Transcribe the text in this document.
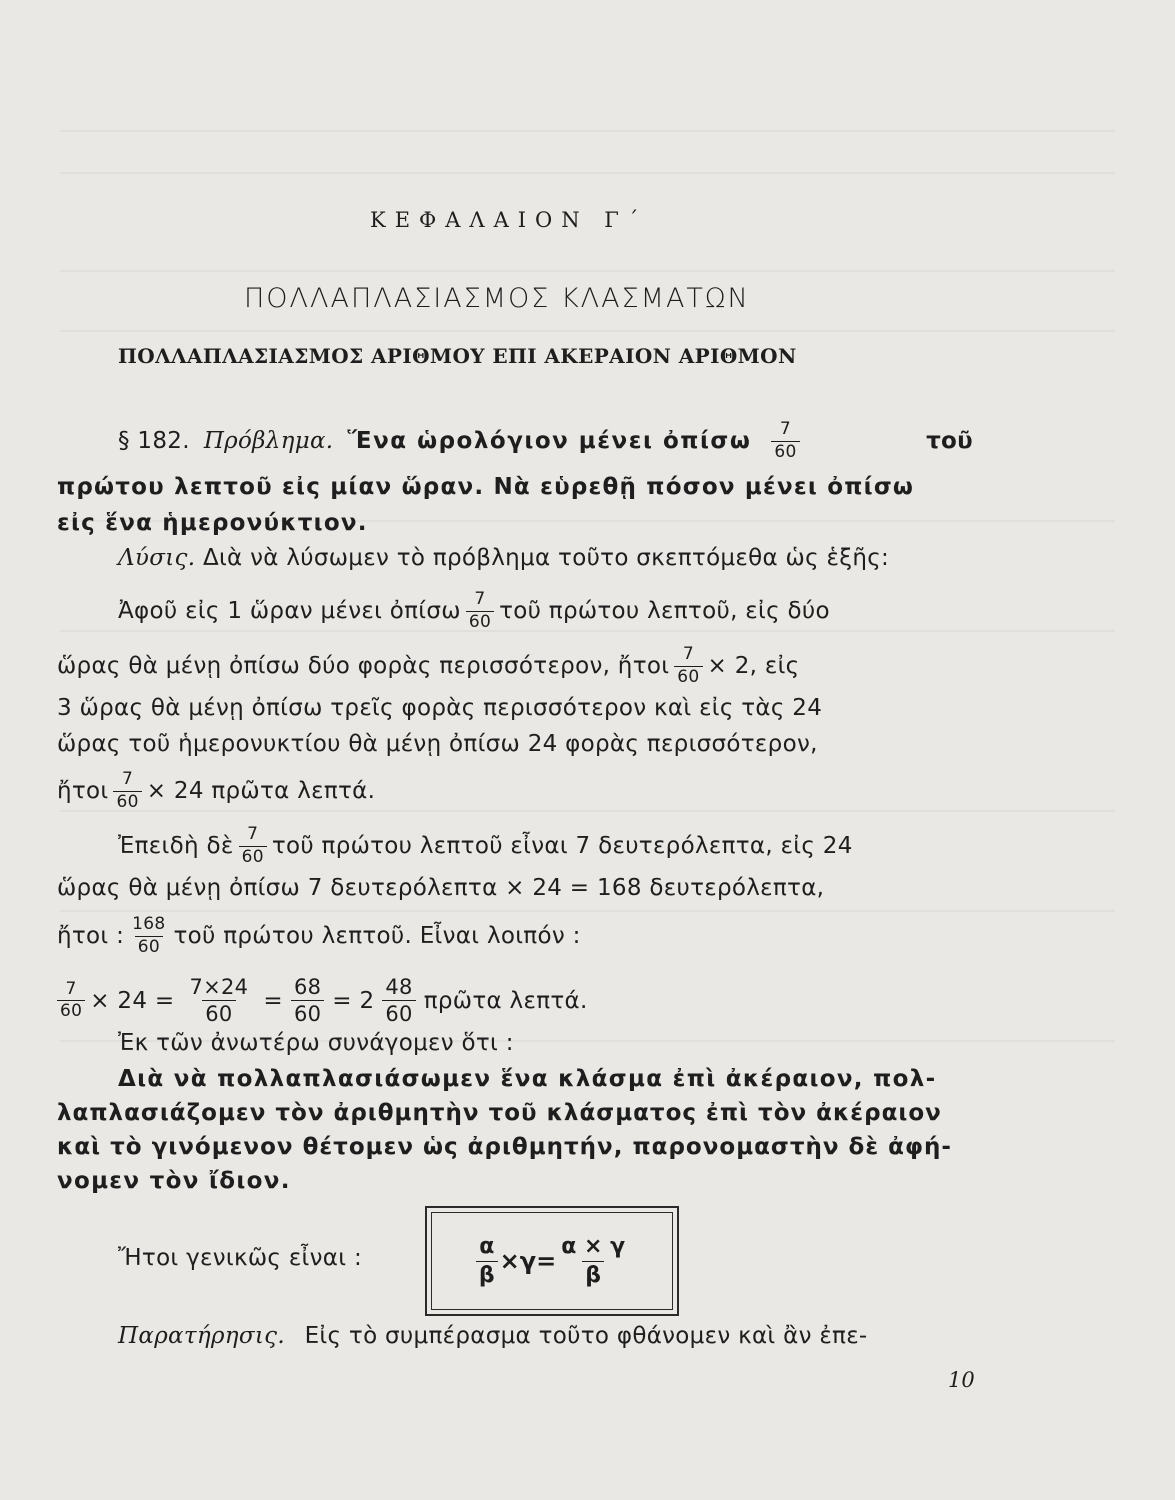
ΚΕΦΑΛΑΙΟΝ Γ΄
ΠΟΛΛΑΠΛΑΣΙΑΣΜΟΣ ΚΛΑΣΜΑΤΩΝ
ΠΟΛΛΑΠΛΑΣΙΑΣΜΟΣ ΑΡΙΘΜΟΥ ΕΠΙ ΑΚΕΡΑΙΟΝ ΑΡΙΘΜΟΝ
§ 182. Πρόβλημα. Ἕνα ὡρολόγιον μένει ὀπίσω $\frac{7}{60}$	τοῦ
πρώτου λεπτοῦ εἰς μίαν ὥραν. Νὰ εὑρεθῇ πόσον μένει ὀπίσω
εἰς ἕνα ἡμερονύκτιον.
Λύσις. Διὰ νὰ λύσωμεν τὸ πρόβλημα τοῦτο σκεπτόμεθα ὡς ἑξῆς:
Ἀφοῦ εἰς 1 ὥραν μένει ὀπίσω $\frac{7}{60}$ τοῦ πρώτου λεπτοῦ, εἰς δύο
ὥρας θὰ μένῃ ὀπίσω δύο φορὰς περισσότερον, ἤτοι $\frac{7}{60} \times 2$, εἰς
3 ὥρας θὰ μένῃ ὀπίσω τρεῖς φορὰς περισσότερον καὶ εἰς τὰς 24
ὥρας τοῦ ἡμερονυκτίου θὰ μένῃ ὀπίσω 24 φορὰς περισσότερον,
ἤτοι $\frac{7}{60} \times 24$ πρῶτα λεπτά.
Ἐπειδὴ δὲ $\frac{7}{60}$ τοῦ πρώτου λεπτοῦ εἶναι 7 δευτερόλεπτα, εἰς 24
ὥρας θὰ μένῃ ὀπίσω 7 δευτερόλεπτα × 24 = 168 δευτερόλεπτα,
ἤτοι : $\frac{168}{60}$ τοῦ πρώτου λεπτοῦ. Εἶναι λοιπόν :
$\frac{7}{60} \times 24 = \frac{7\times 24}{60} = \frac{68}{60} = 2 \frac{48}{60}$ πρῶτα λεπτά.
Ἐκ τῶν ἀνωτέρω συνάγομεν ὅτι :
Διὰ νὰ πολλαπλασιάσωμεν ἕνα κλάσμα ἐπὶ ἀκέραιον, πολ-
λαπλασιάζομεν τὸν ἀριθμητὴν τοῦ κλάσματος ἐπὶ τὸν ἀκέραιον
καὶ τὸ γινόμενον θέτομεν ὡς ἀριθμητήν, παρονομαστὴν δὲ ἀφή-
νομεν τὸν ἴδιον.
Ἤτοι γενικῶς εἶναι :	$\frac{\alpha}{\beta} \times\gamma= \frac{\alpha \times \gamma}{\beta}$
Παρατήρησις. Εἰς τὸ συμπέρασμα τοῦτο φθάνομεν καὶ ἂν ἐπε-
10
